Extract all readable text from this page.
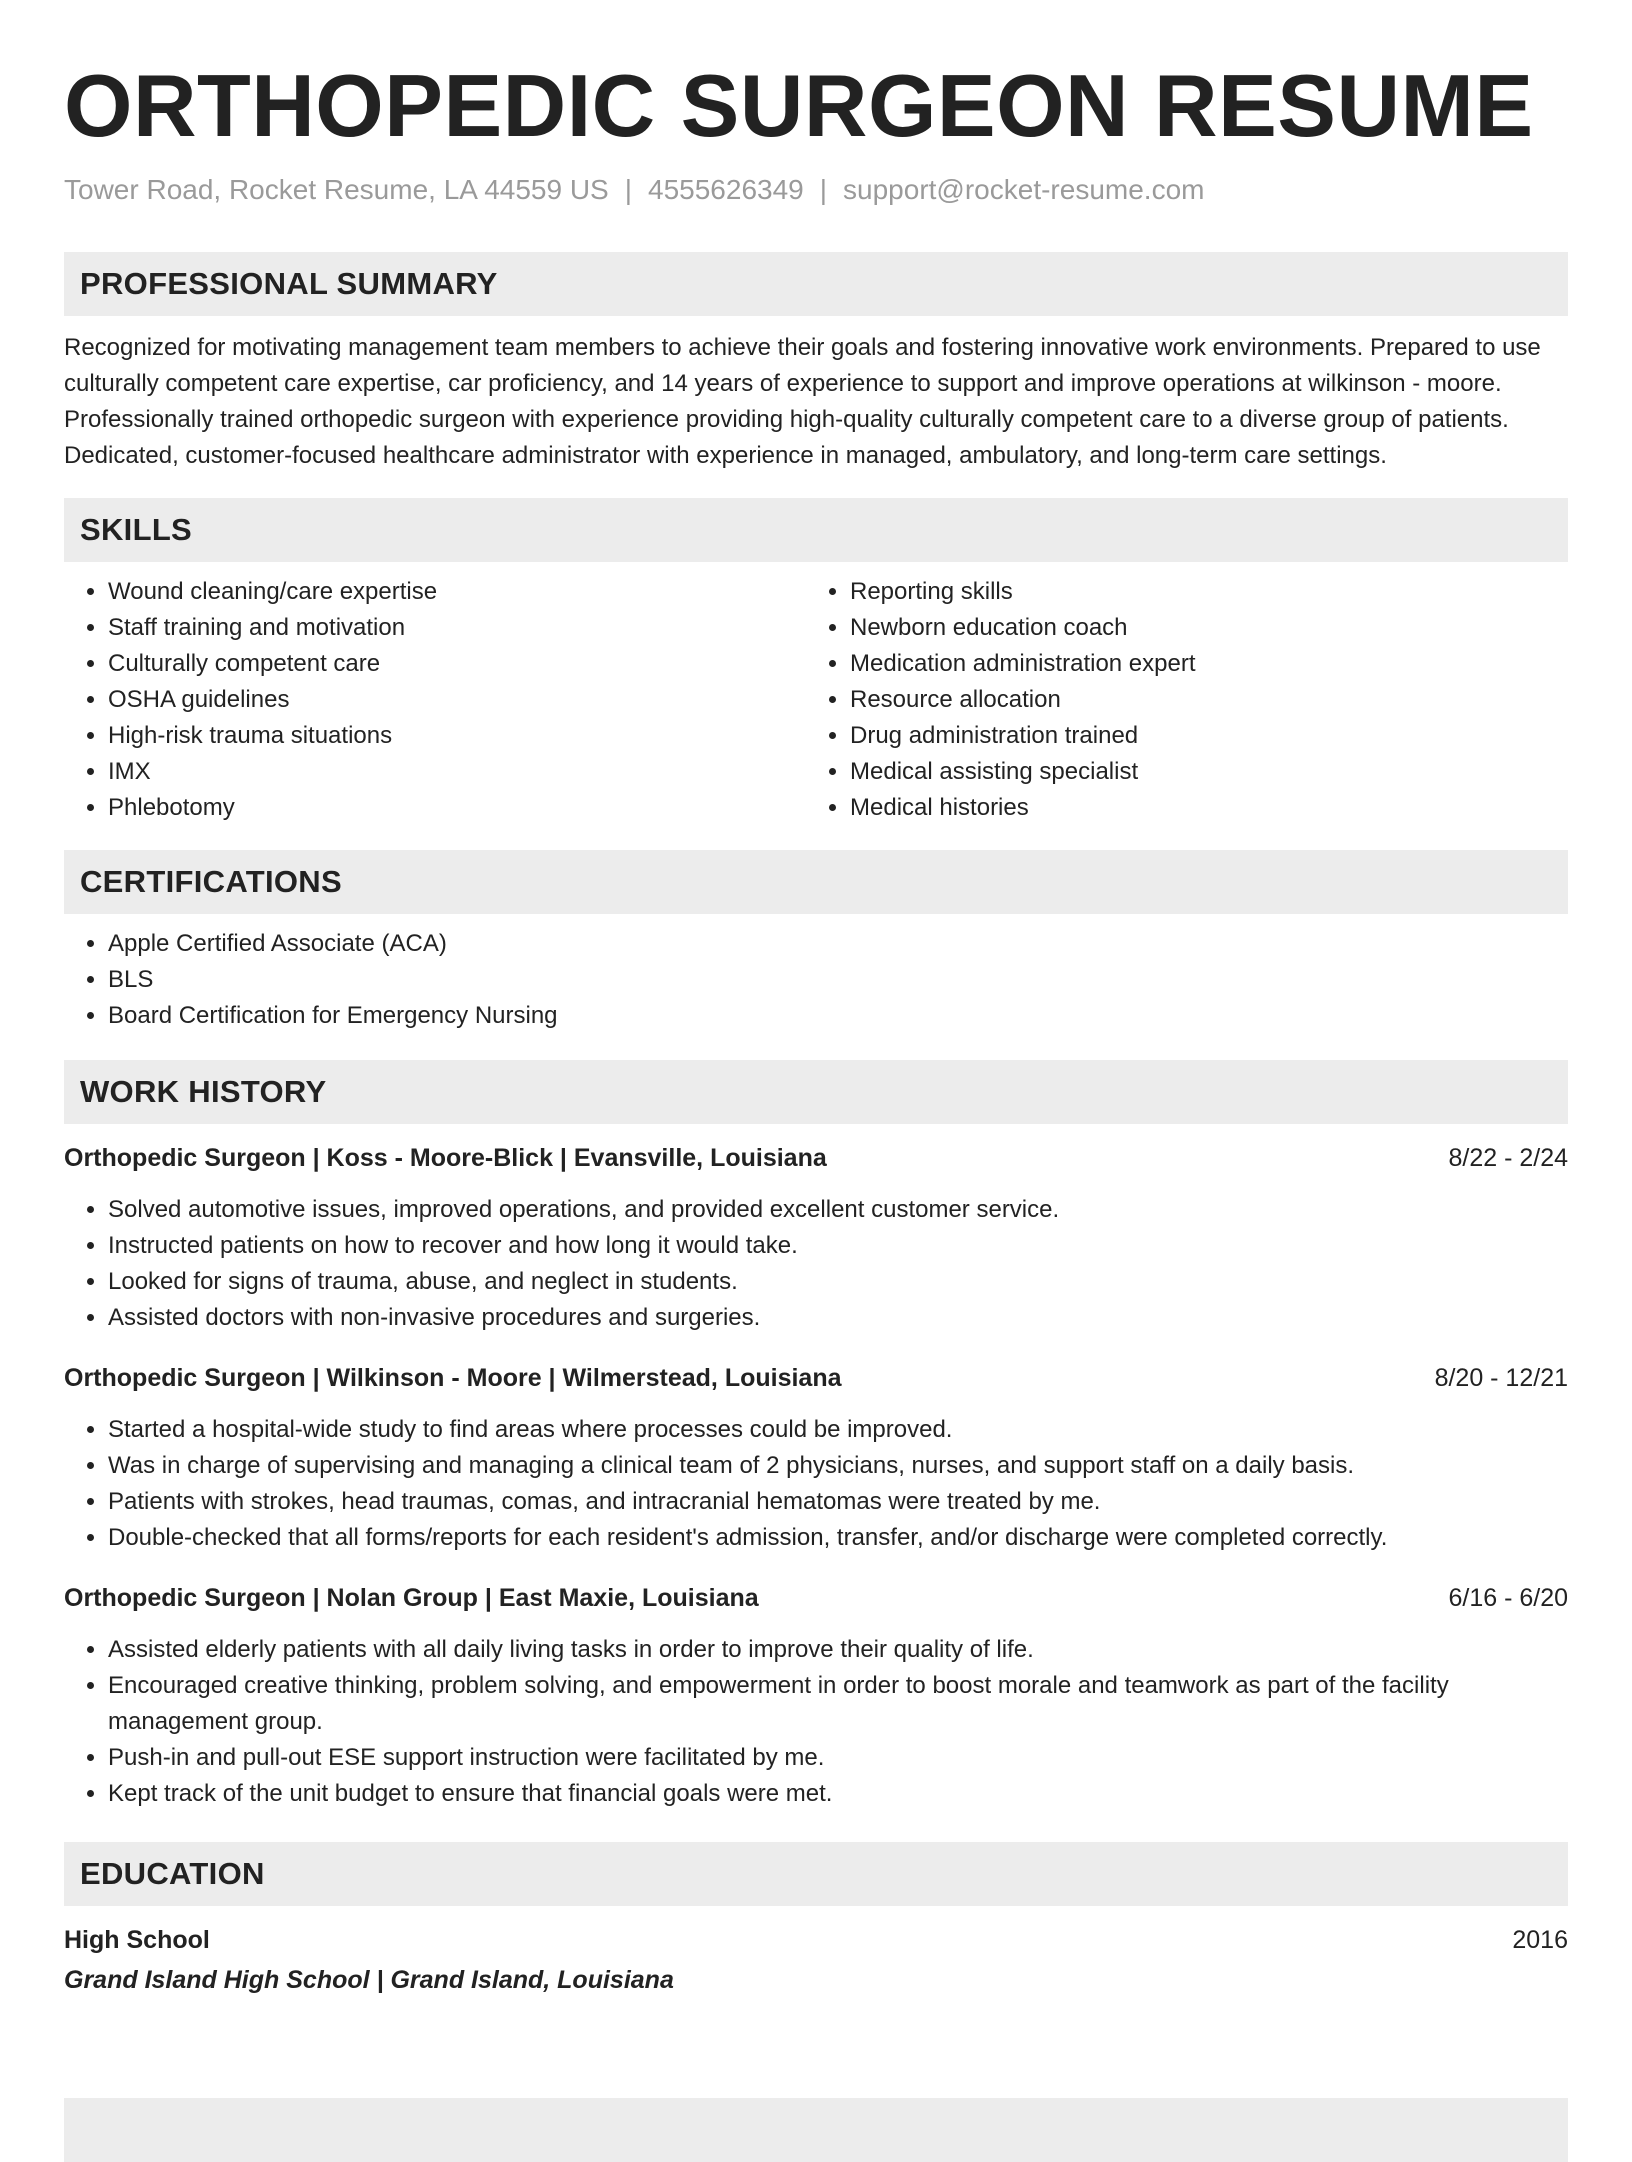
ORTHOPEDIC SURGEON RESUME
Tower Road, Rocket Resume, LA 44559 US | 4555626349 | support@rocket-resume.com
PROFESSIONAL SUMMARY

Recognized for motivating management team members to achieve their goals and fostering innovative work environments. Prepared to use culturally competent care expertise, car proficiency, and 14 years of experience to support and improve operations at wilkinson - moore. Professionally trained orthopedic surgeon with experience providing high-quality culturally competent care to a diverse group of patients. Dedicated, customer-focused healthcare administrator with experience in managed, ambulatory, and long-term care settings.

SKILLS
• Wound cleaning/care expertise
• Staff training and motivation
• Culturally competent care
• OSHA guidelines
• High-risk trauma situations
• IMX
• Phlebotomy
• Reporting skills
• Newborn education coach
• Medication administration expert
• Resource allocation
• Drug administration trained
• Medical assisting specialist
• Medical histories
CERTIFICATIONS
• Apple Certified Associate (ACA)
• BLS
• Board Certification for Emergency Nursing
WORK HISTORY
Orthopedic Surgeon | Koss - Moore-Blick | Evansville, Louisiana	8/22 - 2/24
• Solved automotive issues, improved operations, and provided excellent customer service.
• Instructed patients on how to recover and how long it would take.
• Looked for signs of trauma, abuse, and neglect in students.
• Assisted doctors with non-invasive procedures and surgeries.
Orthopedic Surgeon | Wilkinson - Moore | Wilmerstead, Louisiana	8/20 - 12/21
• Started a hospital-wide study to find areas where processes could be improved.
• Was in charge of supervising and managing a clinical team of 2 physicians, nurses, and support staff on a daily basis.
• Patients with strokes, head traumas, comas, and intracranial hematomas were treated by me.
• Double-checked that all forms/reports for each resident's admission, transfer, and/or discharge were completed correctly.
Orthopedic Surgeon | Nolan Group | East Maxie, Louisiana	6/16 - 6/20
• Assisted elderly patients with all daily living tasks in order to improve their quality of life.
• Encouraged creative thinking, problem solving, and empowerment in order to boost morale and teamwork as part of the facility management group.
• Push-in and pull-out ESE support instruction were facilitated by me.
• Kept track of the unit budget to ensure that financial goals were met.
EDUCATION
High School	2016
Grand Island High School | Grand Island, Louisiana
